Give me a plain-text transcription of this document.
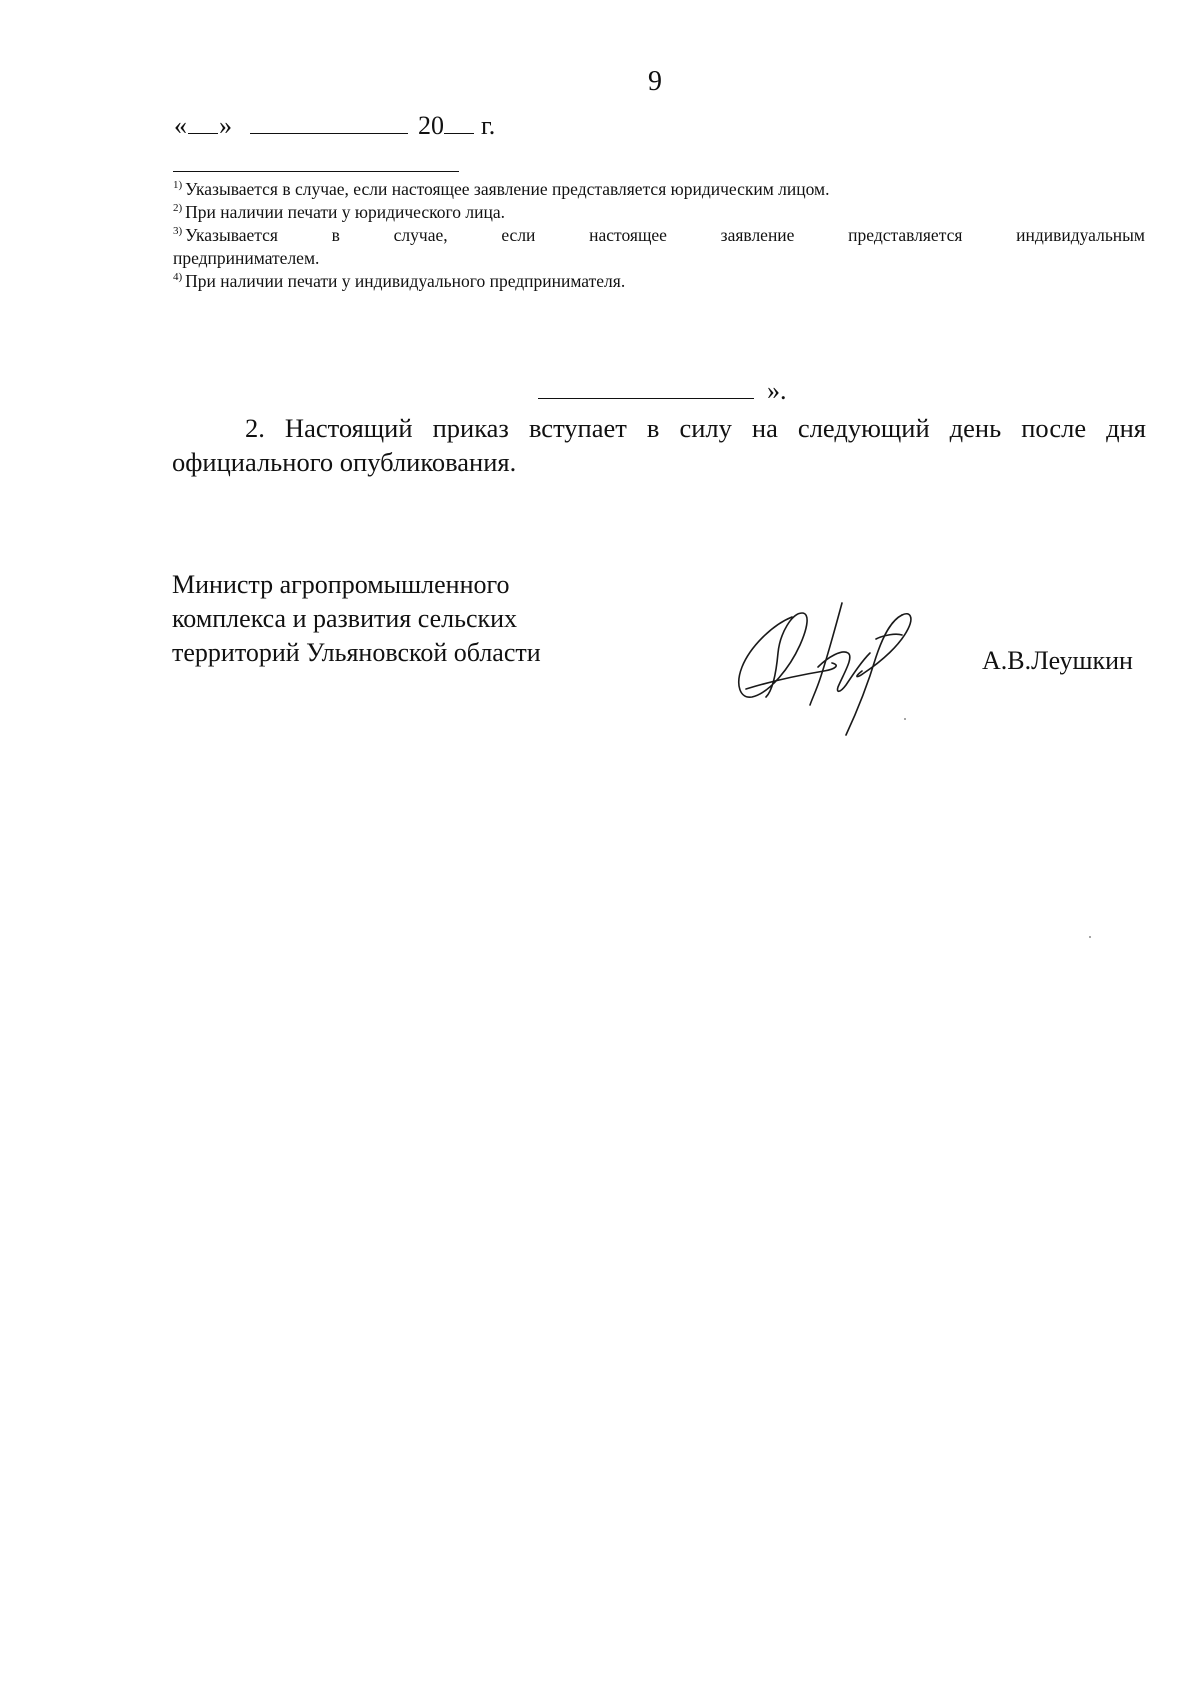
9
« »	20 г.

$^{1)}$ Указывается в случае, если настоящее заявление представляется юридическим лицом.

$^{2)}$ При наличии печати у юридического лица.

$^{3)}$ Указывается в случае, если настоящее заявление представляется индивидуальным
предпринимателем.

$^{4)}$ При наличии печати у индивидуального предпринимателя.

».

2. Настоящий приказ вступает в силу на следующий день после дня
официального опубликования.

Министр агропромышленного
комплекса и развития сельских
территорий Ульяновской области	А.В.Леушкин
